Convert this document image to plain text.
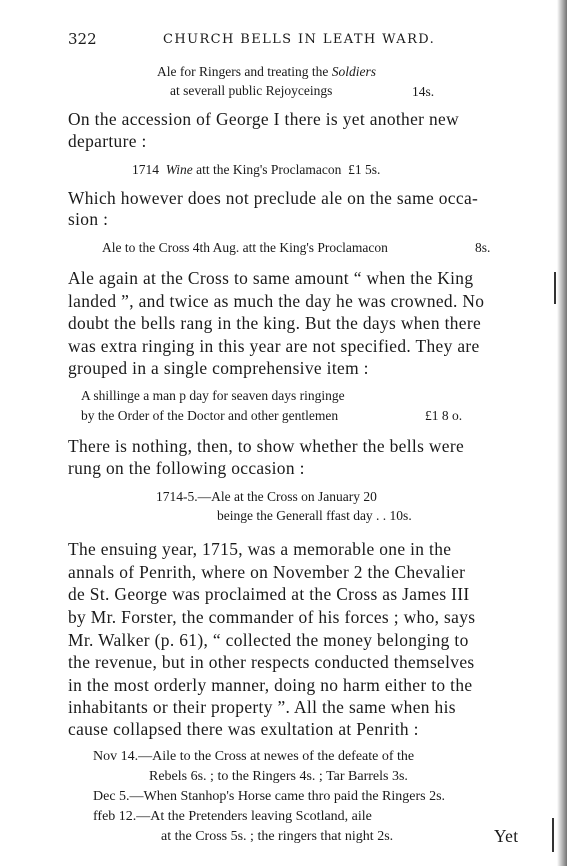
322	CHURCH BELLS IN LEATH WARD.
Ale for Ringers and treating the Soldiers
at severall public Rejoyceings	14s.
On the accession of George I there is yet another new
departure :
1714 Wine att the King's Proclamacon £1 5s.
Which however does not preclude ale on the same occa-
sion :
Ale to the Cross 4th Aug. att the King's Proclamacon	8s.
Ale again at the Cross to same amount “ when the King
landed ”, and twice as much the day he was crowned. No
doubt the bells rang in the king. But the days when there
was extra ringing in this year are not specified. They are
grouped in a single comprehensive item :
A shillinge a man p day for seaven days ringinge
by the Order of the Doctor and other gentlemen	£1 8 o.
There is nothing, then, to show whether the bells were
rung on the following occasion :
1714-5.—Ale at the Cross on January 20
beinge the Generall ffast day . . 10s.
The ensuing year, 1715, was a memorable one in the
annals of Penrith, where on November 2 the Chevalier
de St. George was proclaimed at the Cross as James III
by Mr. Forster, the commander of his forces ; who, says
Mr. Walker (p. 61), “ collected the money belonging to
the revenue, but in other respects conducted themselves
in the most orderly manner, doing no harm either to the
inhabitants or their property ”. All the same when his
cause collapsed there was exultation at Penrith :
Nov 14.—Aile to the Cross at newes of the defeate of the
Rebels 6s. ; to the Ringers 4s. ; Tar Barrels 3s.
Dec 5.—When Stanhop's Horse came thro paid the Ringers 2s.
ffeb 12.—At the Pretenders leaving Scotland, aile
at the Cross 5s. ; the ringers that night 2s.	Yet
